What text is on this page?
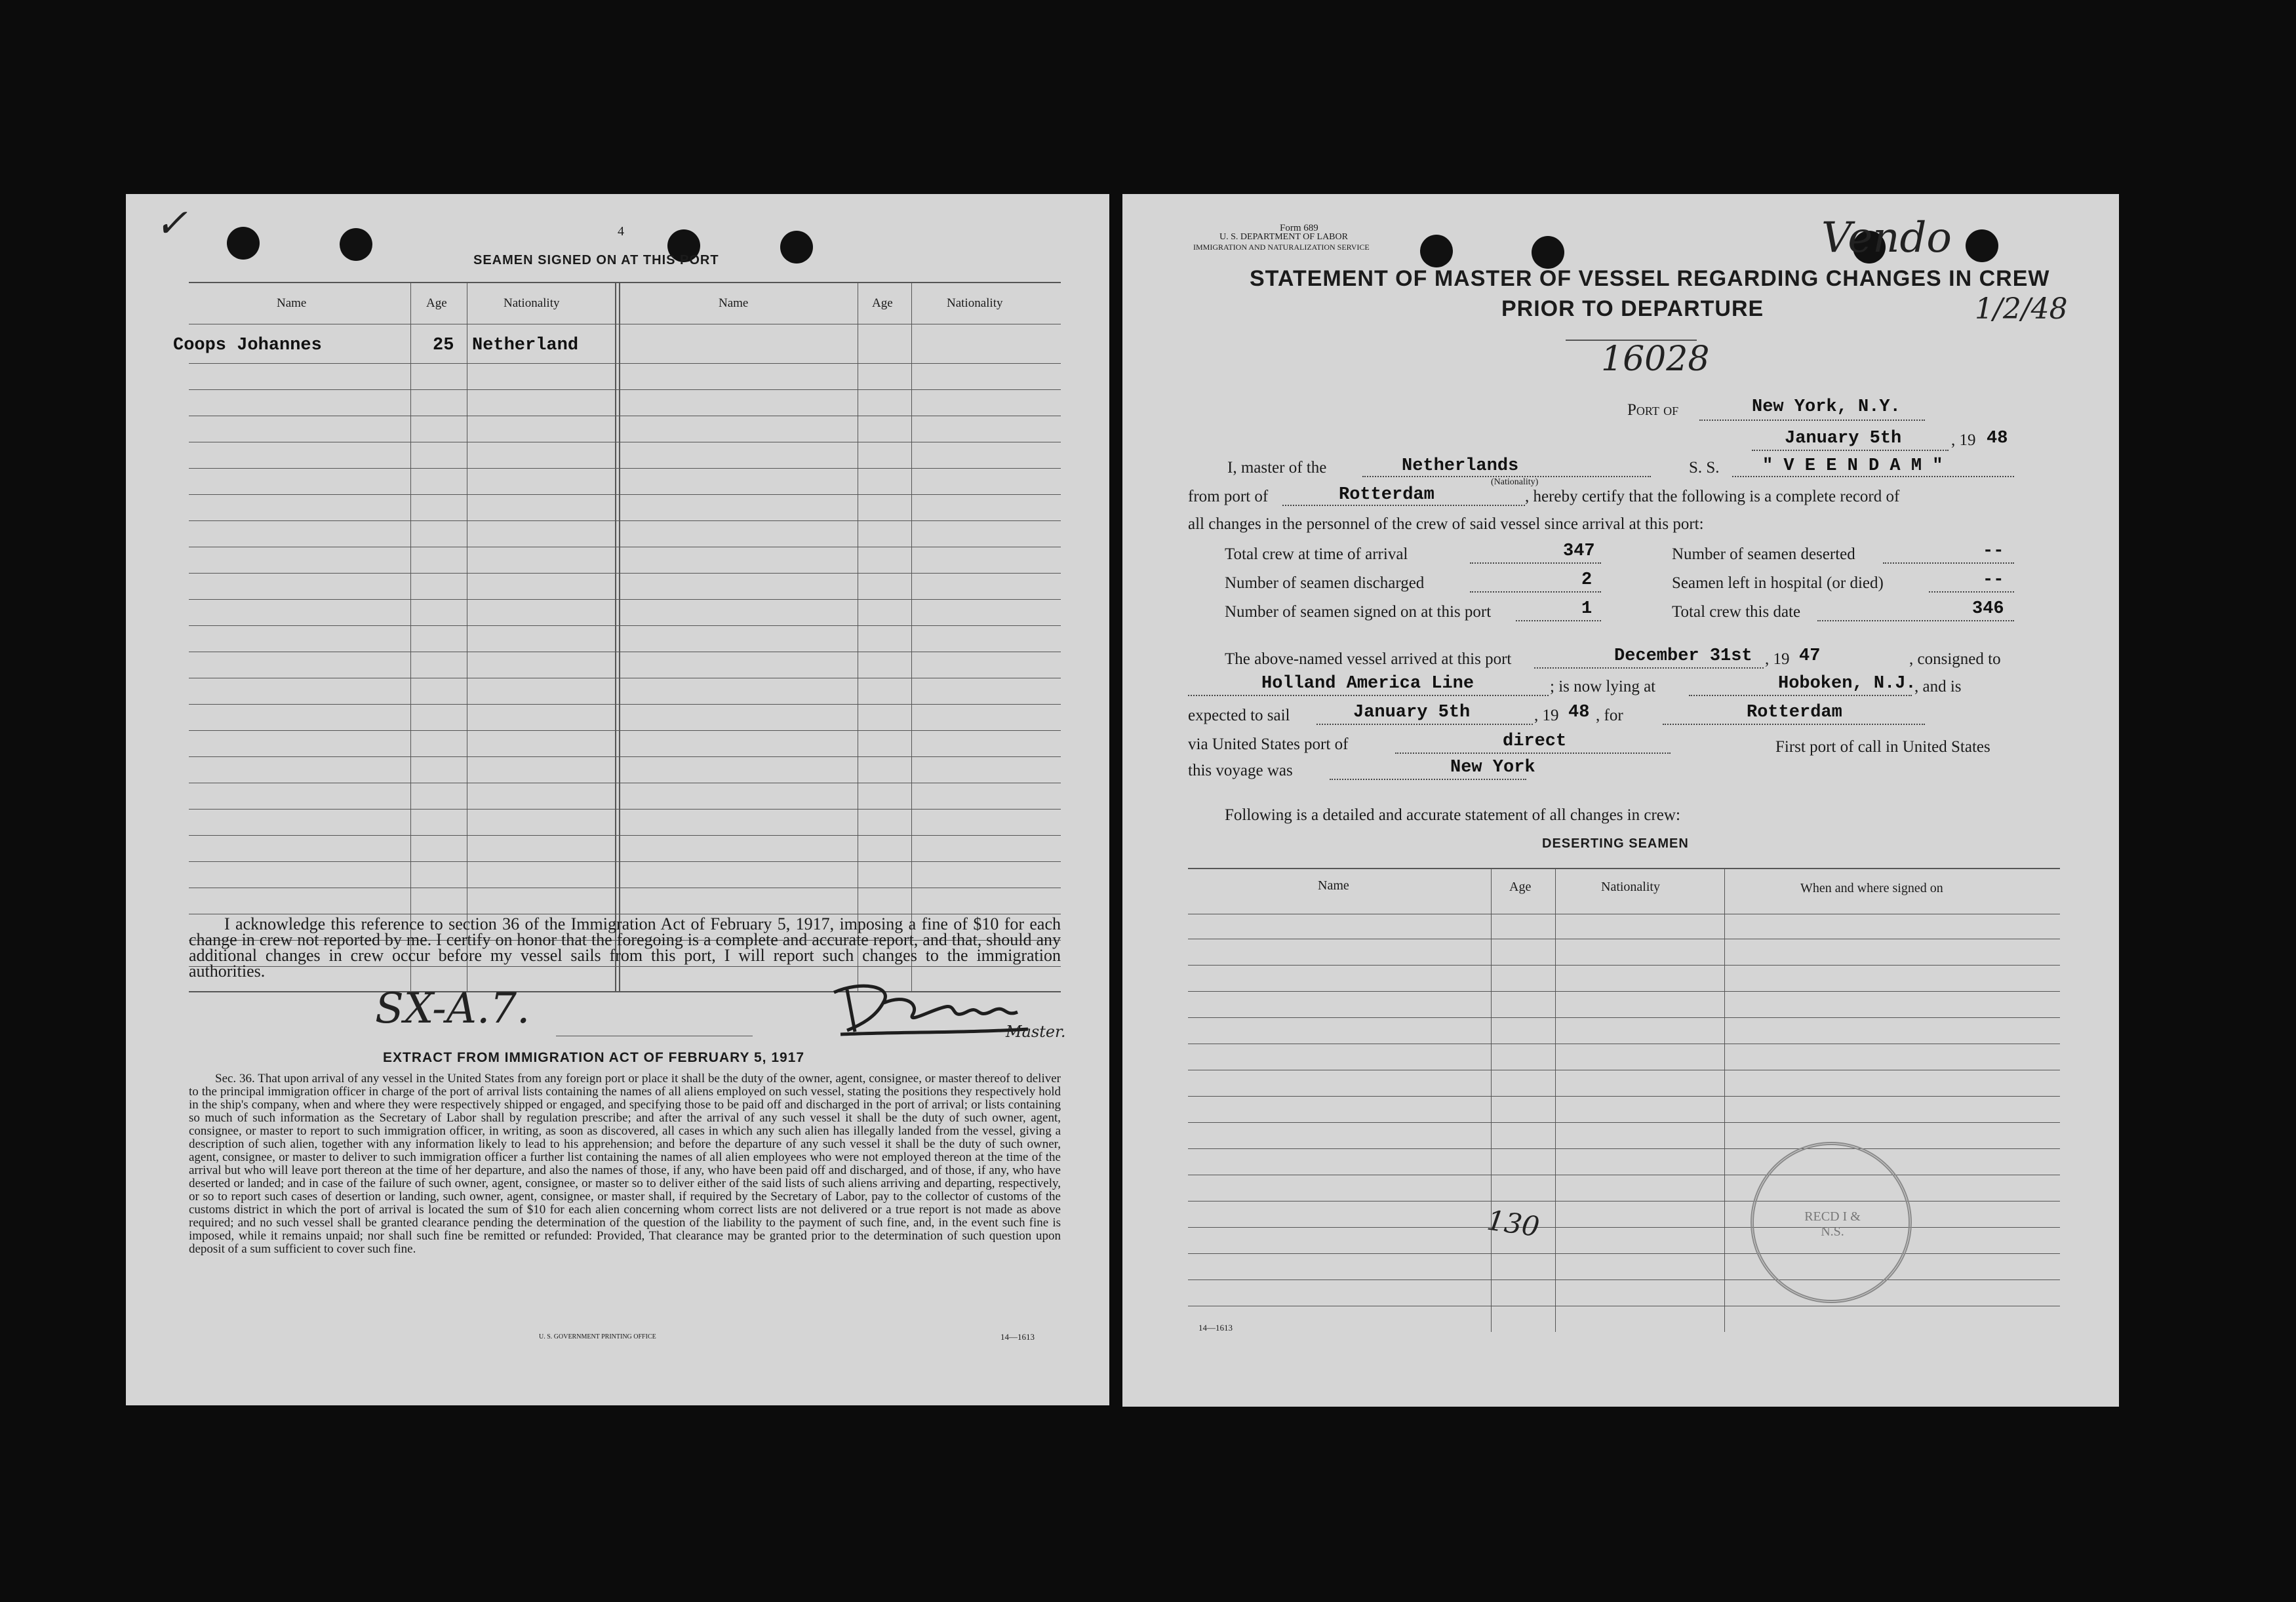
✓	4
SEAMEN SIGNED ON AT THIS PORT
Name	Age	Nationality	Name	Age	Nationality
Coops Johannes	25 Netherland
I acknowledge this reference to section 36 of the Immigration Act of February 5, 1917, imposing a fine of $10 for each change in crew not reported by me. I certify on honor that the foregoing is a complete and accurate report, and that, should any additional changes in crew occur before my vessel sails from this port, I will report such changes to the immigration authorities.
SX-A.7.	Master.
EXTRACT FROM IMMIGRATION ACT OF FEBRUARY 5, 1917
Sec. 36. That upon arrival of any vessel in the United States from any foreign port or place it shall be the duty of the owner, agent, consignee, or master thereof to deliver to the principal immigration officer in charge of the port of arrival lists containing the names of all aliens employed on such vessel, stating the positions they respectively hold in the ship's company, when and where they were respectively shipped or engaged, and specifying those to be paid off and discharged in the port of arrival; or lists containing so much of such information as the Secretary of Labor shall by regulation prescribe; and after the arrival of any such vessel it shall be the duty of such owner, agent, consignee, or master to report to such immigration officer, in writing, as soon as discovered, all cases in which any such alien has illegally landed from the vessel, giving a description of such alien, together with any information likely to lead to his apprehension; and before the departure of any such vessel it shall be the duty of such owner, agent, consignee, or master to deliver to such immigration officer a further list containing the names of all alien employees who were not employed thereon at the time of the arrival but who will leave port thereon at the time of her departure, and also the names of those, if any, who have been paid off and discharged, and of those, if any, who have deserted or landed; and in case of the failure of such owner, agent, consignee, or master so to deliver either of the said lists of such aliens arriving and departing, respectively, or so to report such cases of desertion or landing, such owner, agent, consignee, or master shall, if required by the Secretary of Labor, pay to the collector of customs of the customs district in which the port of arrival is located the sum of $10 for each alien concerning whom correct lists are not delivered or a true report is not made as above required; and no such vessel shall be granted clearance pending the determination of the question of the liability to the payment of such fine, and, in the event such fine is imposed, while it remains unpaid; nor shall such fine be remitted or refunded: Provided, That clearance may be granted prior to the determination of such question upon deposit of a sum sufficient to cover such fine.
U. S. GOVERNMENT PRINTING OFFICE	14—1613
Form 689
U. S. DEPARTMENT OF LABOR
IMMIGRATION AND NATURALIZATION SERVICE	Vendo
1/2/48
STATEMENT OF MASTER OF VESSEL REGARDING CHANGES IN CREW
PRIOR TO DEPARTURE
16028
Port of	New York, N.Y.
January 5th	, 19 48
I, master of the	Netherlands
(Nationality)
S. S. " V E E N D A M "
from port of	Rotterdam	, hereby certify that the following is a complete record of
all changes in the personnel of the crew of said vessel since arrival at this port:
Total crew at time of arrival	347
Number of seamen discharged	2
Number of seamen signed on at this port	1
Number of seamen deserted	--
Seamen left in hospital (or died)	--
Total crew this date	346
The above-named vessel arrived at this port	December 31st , 19 47	, consigned to
Holland America Line	; is now lying at	Hoboken, N.J.
, and is
expected to sail	January 5th	, 19 48 , for	Rotterdam
via United States port of	direct	First port of call in United States
this voyage was	New York
Following is a detailed and accurate statement of all changes in crew:
DESERTING SEAMEN
Name	Age	Nationality	When and where signed on
130	RECD I & N.S.
14—1613
